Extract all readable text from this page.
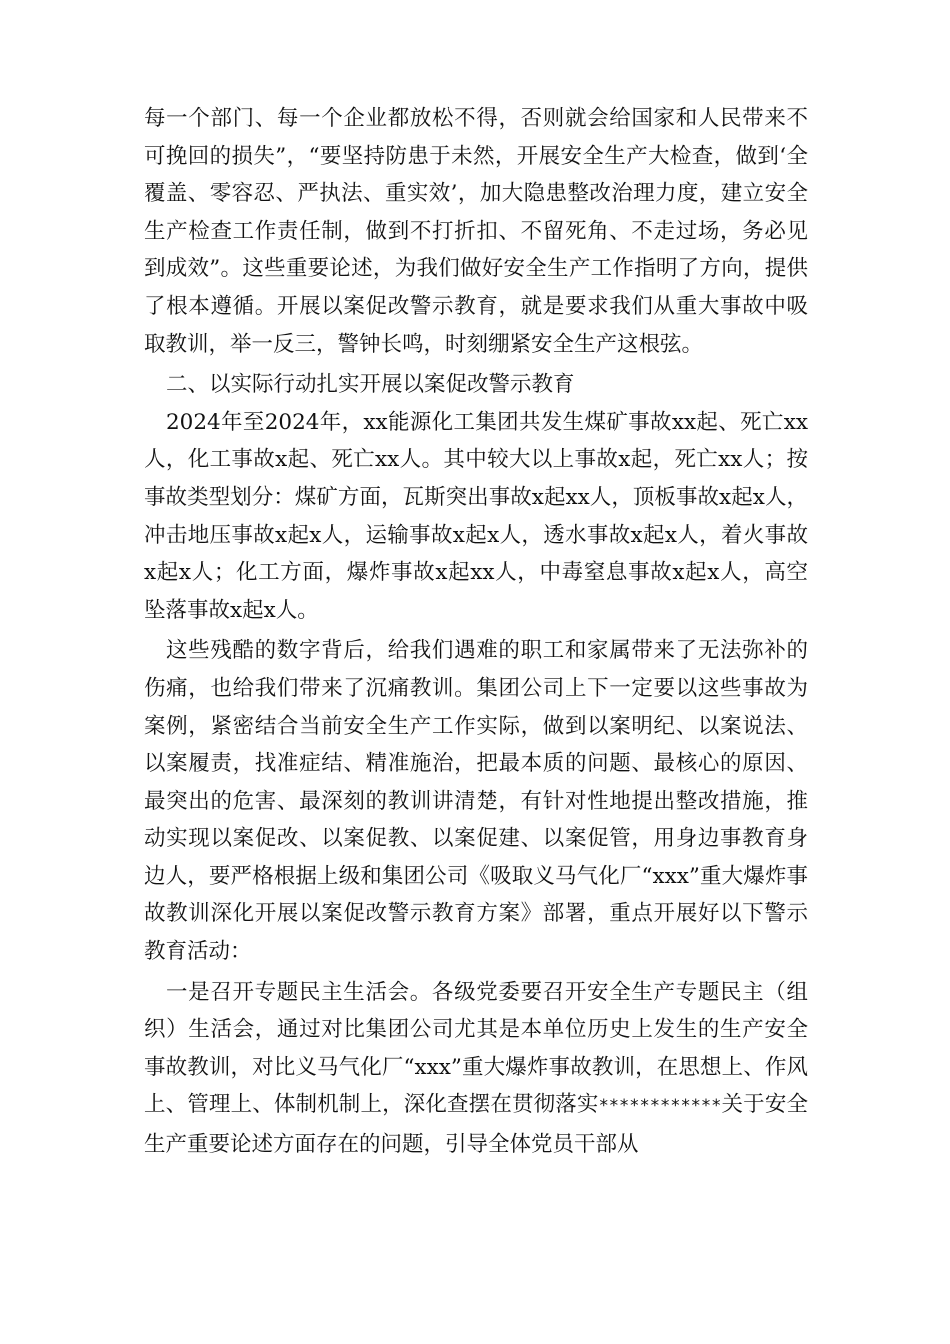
每一个部门、每一个企业都放松不得，否则就会给国家和人民带来不可挽回的损失”，“要坚持防患于未然，开展安全生产大检查，做到‘全覆盖、零容忍、严执法、重实效’，加大隐患整改治理力度，建立安全生产检查工作责任制，做到不打折扣、不留死角、不走过场，务必见到成效”。这些重要论述，为我们做好安全生产工作指明了方向，提供了根本遵循。开展以案促改警示教育，就是要求我们从重大事故中吸取教训，举一反三，警钟长鸣，时刻绷紧安全生产这根弦。

二、以实际行动扎实开展以案促改警示教育

2024年至2024年，xx能源化工集团共发生煤矿事故xx起、死亡xx人，化工事故x起、死亡xx人。其中较大以上事故x起，死亡xx人；按事故类型划分：煤矿方面，瓦斯突出事故x起xx人，顶板事故x起x人，冲击地压事故x起x人，运输事故x起x人，透水事故x起x人，着火事故x起x人；化工方面，爆炸事故x起xx人，中毒窒息事故x起x人，高空坠落事故x起x人。

这些残酷的数字背后，给我们遇难的职工和家属带来了无法弥补的伤痛，也给我们带来了沉痛教训。集团公司上下一定要以这些事故为案例，紧密结合当前安全生产工作实际，做到以案明纪、以案说法、以案履责，找准症结、精准施治，把最本质的问题、最核心的原因、最突出的危害、最深刻的教训讲清楚，有针对性地提出整改措施，推动实现以案促改、以案促教、以案促建、以案促管，用身边事教育身边人，要严格根据上级和集团公司《吸取义马气化厂“xxx”重大爆炸事故教训深化开展以案促改警示教育方案》部署，重点开展好以下警示教育活动：

一是召开专题民主生活会。各级党委要召开安全生产专题民主（组织）生活会，通过对比集团公司尤其是本单位历史上发生的生产安全事故教训，对比义马气化厂“xxx”重大爆炸事故教训，在思想上、作风上、管理上、体制机制上，深化查摆在贯彻落实************关于安全生产重要论述方面存在的问题，引导全体党员干部从
